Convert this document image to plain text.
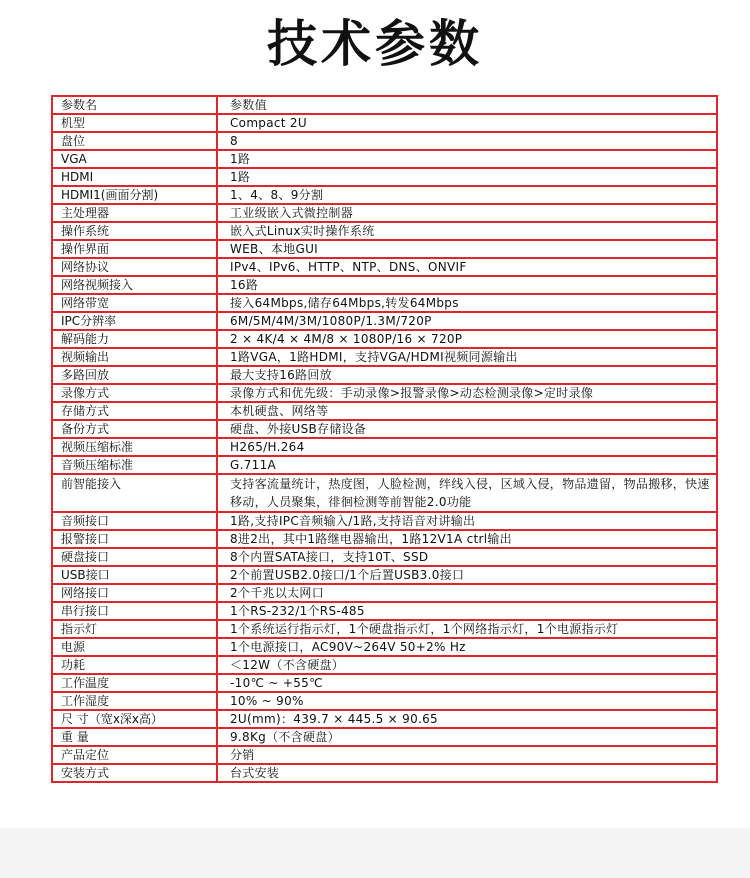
技术参数
参数名	参数值
机型	Compact 2U
盘位	8
VGA	1路
HDMI	1路
HDMI1(画面分割)	1、4、8、9分割
主处理器	工业级嵌入式微控制器
操作系统	嵌入式Linux实时操作系统
操作界面	WEB、本地GUI
网络协议	IPv4、IPv6、HTTP、NTP、DNS、ONVIF
网络视频接入	16路
网络带宽	接入64Mbps,储存64Mbps,转发64Mbps
IPC分辨率	6M/5M/4M/3M/1080P/1.3M/720P
解码能力	2 × 4K/4 × 4M/8 × 1080P/16 × 720P
视频输出	1路VGA，1路HDMI，支持VGA/HDMI视频同源输出
多路回放	最大支持16路回放
录像方式	录像方式和优先级：手动录像>报警录像>动态检测录像>定时录像
存储方式	本机硬盘、网络等
备份方式	硬盘、外接USB存储设备
视频压缩标准	H265/H.264
音频压缩标准	G.711A
前智能接入	支持客流量统计，热度图，人脸检测，绊线入侵，区域入侵，物品遗留，物品搬移，快速移动，人员聚集，徘徊检测等前智能2.0功能
音频接口	1路,支持IPC音频输入/1路,支持语音对讲输出
报警接口	8进2出，其中1路继电器输出，1路12V1A ctrl输出
硬盘接口	8个内置SATA接口，支持10T、SSD
USB接口	2个前置USB2.0接口/1个后置USB3.0接口
网络接口	2个千兆以太网口
串行接口	1个RS-232/1个RS-485
指示灯	1个系统运行指示灯，1个硬盘指示灯，1个网络指示灯，1个电源指示灯
电源	1个电源接口，AC90V~264V 50+2% Hz
功耗	＜12W（不含硬盘）
工作温度	-10℃ ~ +55℃
工作湿度	10% ~ 90%
尺 寸（宽x深x高）	2U(mm)：439.7 × 445.5 × 90.65
重 量	9.8Kg（不含硬盘）
产品定位	分销
安装方式	台式安装
